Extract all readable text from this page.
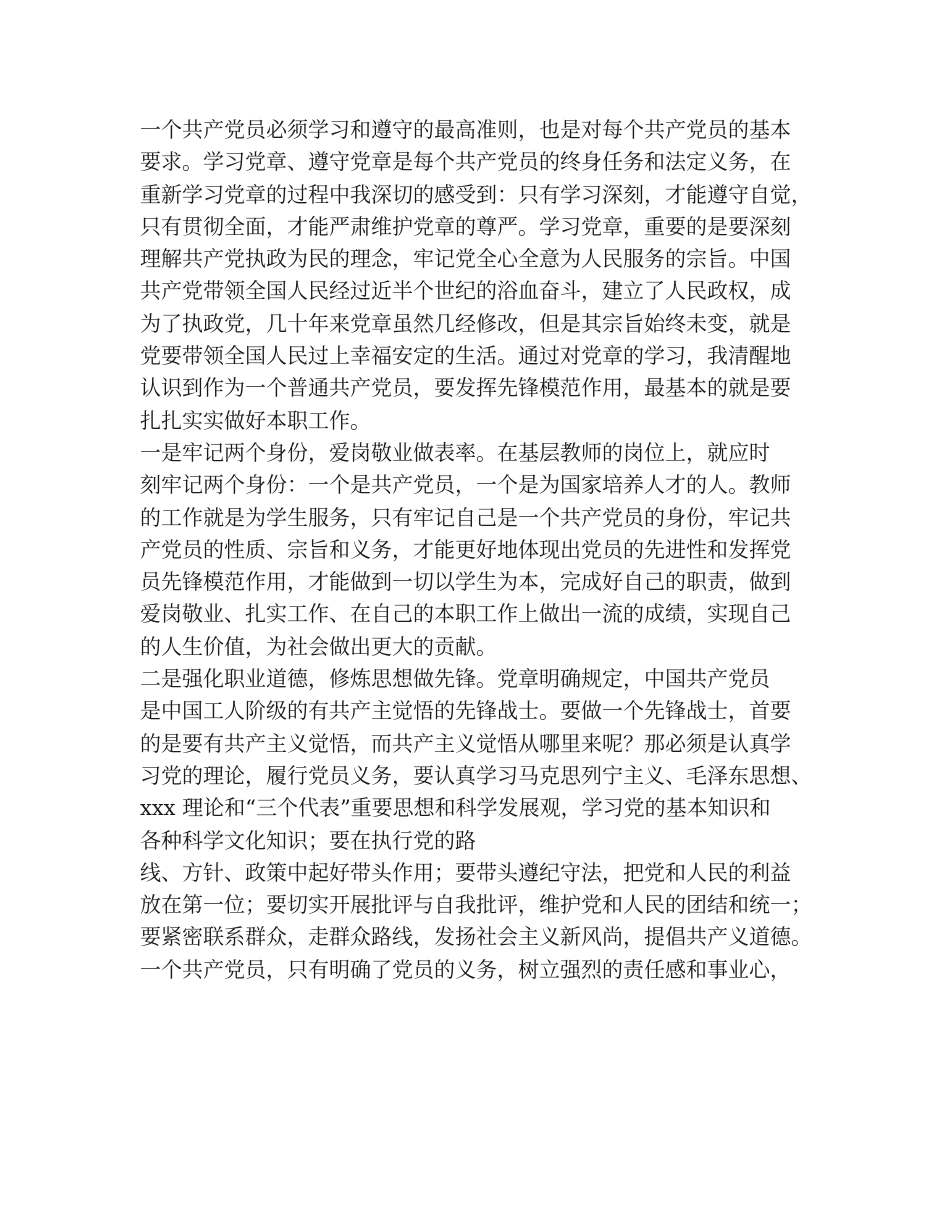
一个共产党员必须学习和遵守的最高准则，也是对每个共产党员的基本
要求。学习党章、遵守党章是每个共产党员的终身任务和法定义务，在
重新学习党章的过程中我深切的感受到：只有学习深刻，才能遵守自觉，
只有贯彻全面，才能严肃维护党章的尊严。学习党章，重要的是要深刻
理解共产党执政为民的理念，牢记党全心全意为人民服务的宗旨。中国
共产党带领全国人民经过近半个世纪的浴血奋斗，建立了人民政权，成
为了执政党，几十年来党章虽然几经修改，但是其宗旨始终未变，就是
党要带领全国人民过上幸福安定的生活。通过对党章的学习，我清醒地
认识到作为一个普通共产党员，要发挥先锋模范作用，最基本的就是要
扎扎实实做好本职工作。
一是牢记两个身份，爱岗敬业做表率。在基层教师的岗位上，就应时
刻牢记两个身份：一个是共产党员，一个是为国家培养人才的人。教师
的工作就是为学生服务，只有牢记自己是一个共产党员的身份，牢记共
产党员的性质、宗旨和义务，才能更好地体现出党员的先进性和发挥党
员先锋模范作用，才能做到一切以学生为本，完成好自己的职责，做到
爱岗敬业、扎实工作、在自己的本职工作上做出一流的成绩，实现自己
的人生价值，为社会做出更大的贡献。
二是强化职业道德，修炼思想做先锋。党章明确规定，中国共产党员
是中国工人阶级的有共产主觉悟的先锋战士。要做一个先锋战士，首要
的是要有共产主义觉悟，而共产主义觉悟从哪里来呢？那必须是认真学
习党的理论，履行党员义务，要认真学习马克思列宁主义、毛泽东思想、
xxx 理论和“三个代表”重要思想和科学发展观，学习党的基本知识和
各种科学文化知识；要在执行党的路
线、方针、政策中起好带头作用；要带头遵纪守法，把党和人民的利益
放在第一位；要切实开展批评与自我批评，维护党和人民的团结和统一；
要紧密联系群众，走群众路线，发扬社会主义新风尚，提倡共产义道德。
一个共产党员，只有明确了党员的义务，树立强烈的责任感和事业心，
